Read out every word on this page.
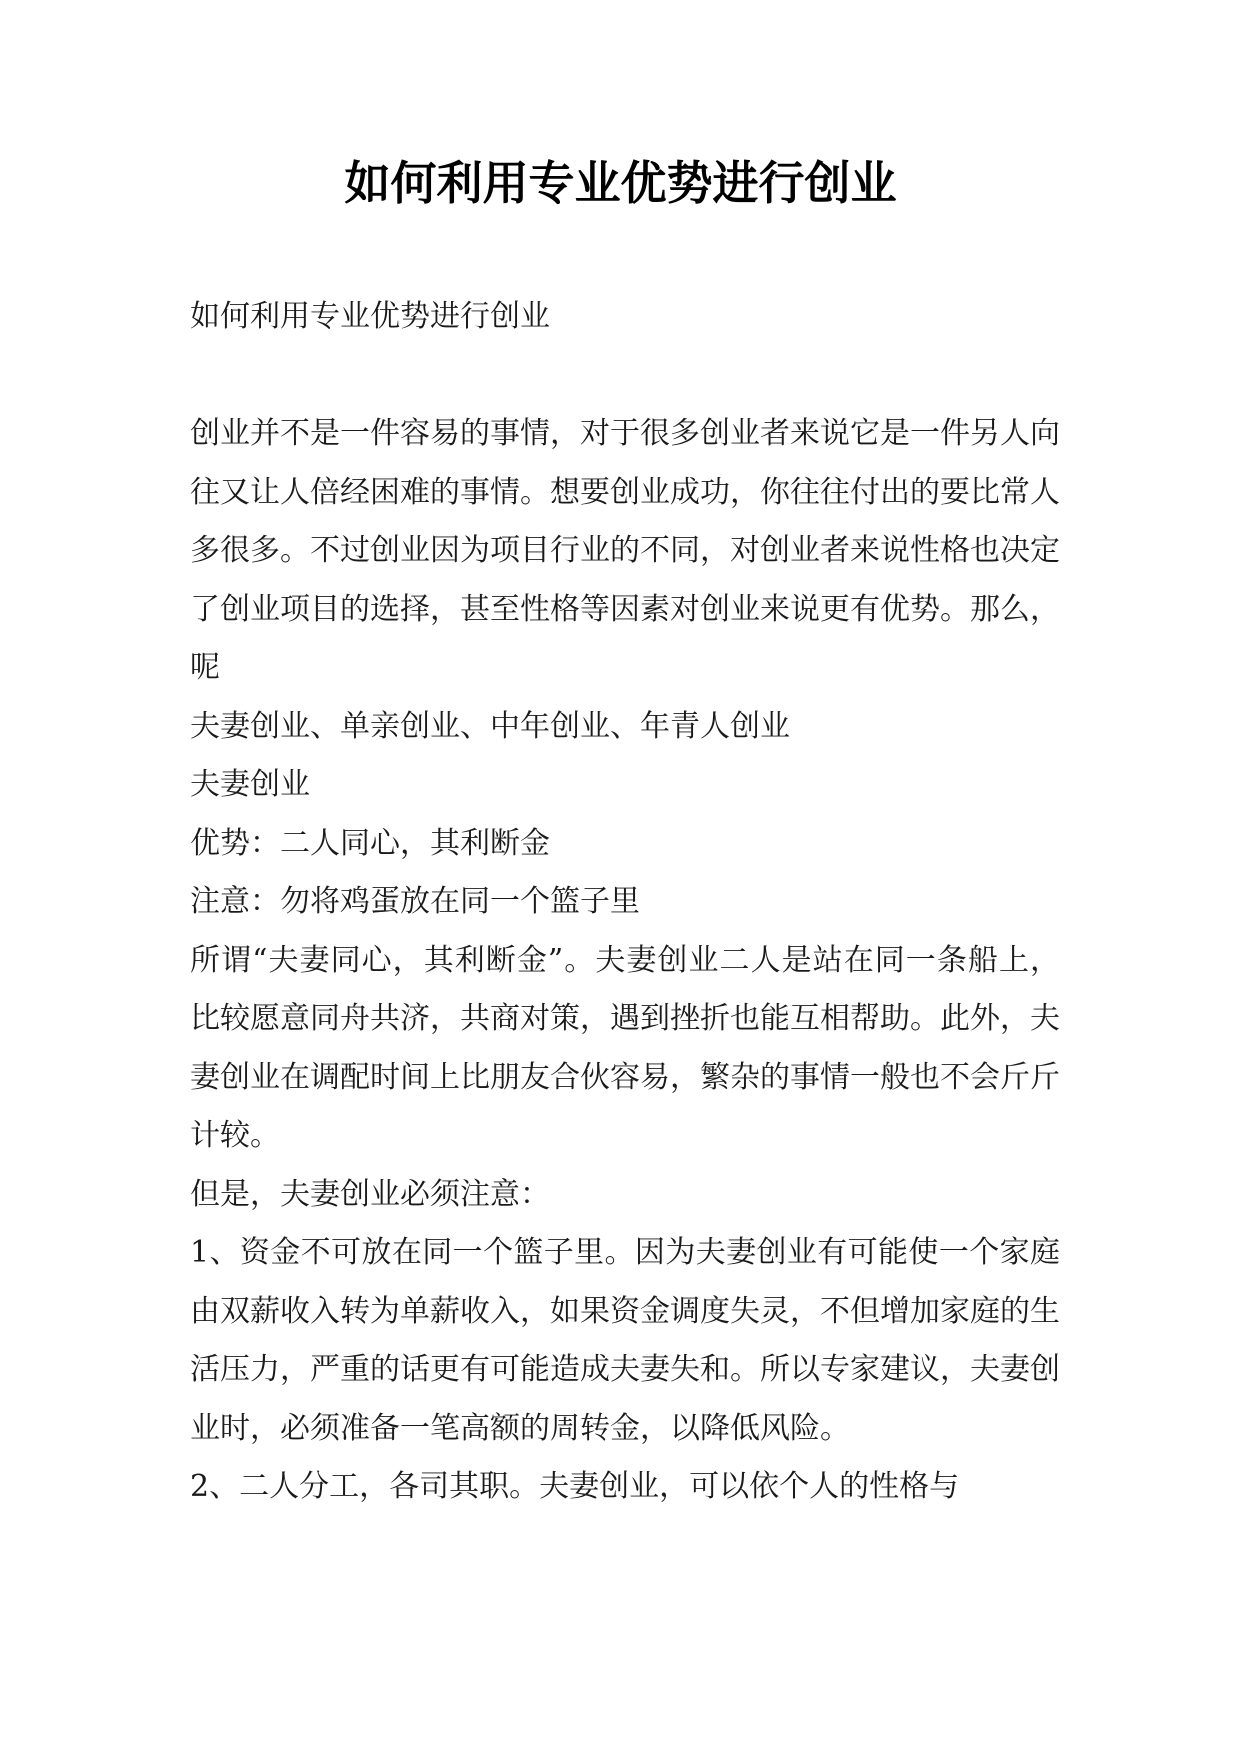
如何利用专业优势进行创业

如何利用专业优势进行创业

创业并不是一件容易的事情，对于很多创业者来说它是一件另人向往又让人倍经困难的事情。想要创业成功，你往往付出的要比常人多很多。不过创业因为项目行业的不同，对创业者来说性格也决定了创业项目的选择，甚至性格等因素对创业来说更有优势。那么，呢

夫妻创业、单亲创业、中年创业、年青人创业

夫妻创业

优势：二人同心，其利断金

注意：勿将鸡蛋放在同一个篮子里

所谓“夫妻同心，其利断金”。夫妻创业二人是站在同一条船上，比较愿意同舟共济，共商对策，遇到挫折也能互相帮助。此外，夫妻创业在调配时间上比朋友合伙容易，繁杂的事情一般也不会斤斤计较。

但是，夫妻创业必须注意：

1、资金不可放在同一个篮子里。因为夫妻创业有可能使一个家庭由双薪收入转为单薪收入，如果资金调度失灵，不但增加家庭的生活压力，严重的话更有可能造成夫妻失和。所以专家建议，夫妻创业时，必须准备一笔高额的周转金，以降低风险。

2、二人分工，各司其职。夫妻创业，可以依个人的性格与
